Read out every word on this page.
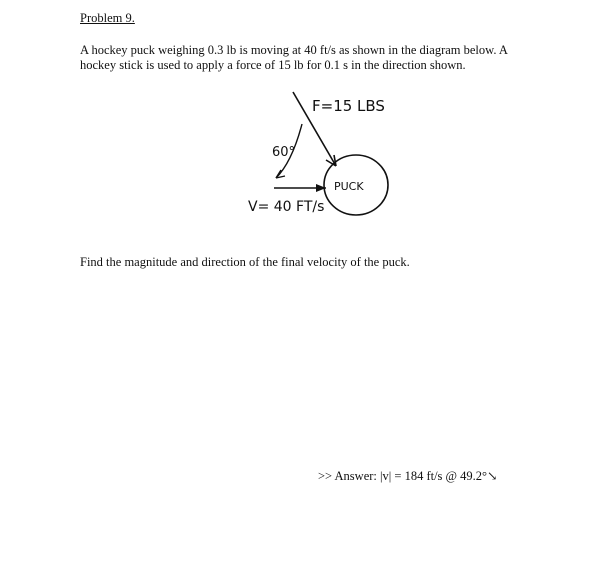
Problem 9.
A hockey puck weighing 0.3 lb is moving at 40 ft/s as shown in the diagram below. A
hockey stick is used to apply a force of 15 lb for 0.1 s in the direction shown.
F=15 LBS
60°
PUCK
V= 40 FT/s
Find the magnitude and direction of the final velocity of the puck.
>> Answer: |v| = 184 ft/s @ 49.2°↘
